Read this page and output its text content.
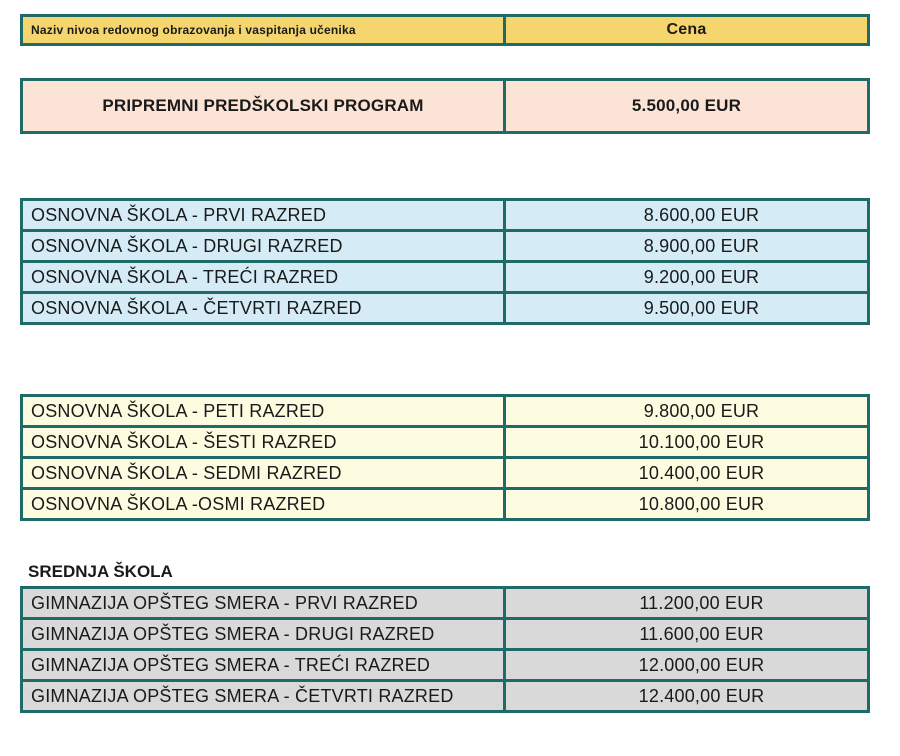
Naziv nivoa redovnog obrazovanja i vaspitanja učenika	Cena
PRIPREMNI PREDŠKOLSKI PROGRAM	5.500,00 EUR
OSNOVNA ŠKOLA - PRVI RAZRED	8.600,00 EUR
OSNOVNA ŠKOLA - DRUGI RAZRED	8.900,00 EUR
OSNOVNA ŠKOLA - TREĆI RAZRED	9.200,00 EUR
OSNOVNA ŠKOLA - ČETVRTI RAZRED	9.500,00 EUR
OSNOVNA ŠKOLA - PETI RAZRED	9.800,00 EUR
OSNOVNA ŠKOLA - ŠESTI RAZRED	10.100,00 EUR
OSNOVNA ŠKOLA - SEDMI RAZRED	10.400,00 EUR
OSNOVNA ŠKOLA -OSMI RAZRED	10.800,00 EUR
SREDNJA ŠKOLA
GIMNAZIJA OPŠTEG SMERA - PRVI RAZRED	11.200,00 EUR
GIMNAZIJA OPŠTEG SMERA - DRUGI RAZRED	11.600,00 EUR
GIMNAZIJA OPŠTEG SMERA - TREĆI RAZRED	12.000,00 EUR
GIMNAZIJA OPŠTEG SMERA - ČETVRTI RAZRED	12.400,00 EUR
